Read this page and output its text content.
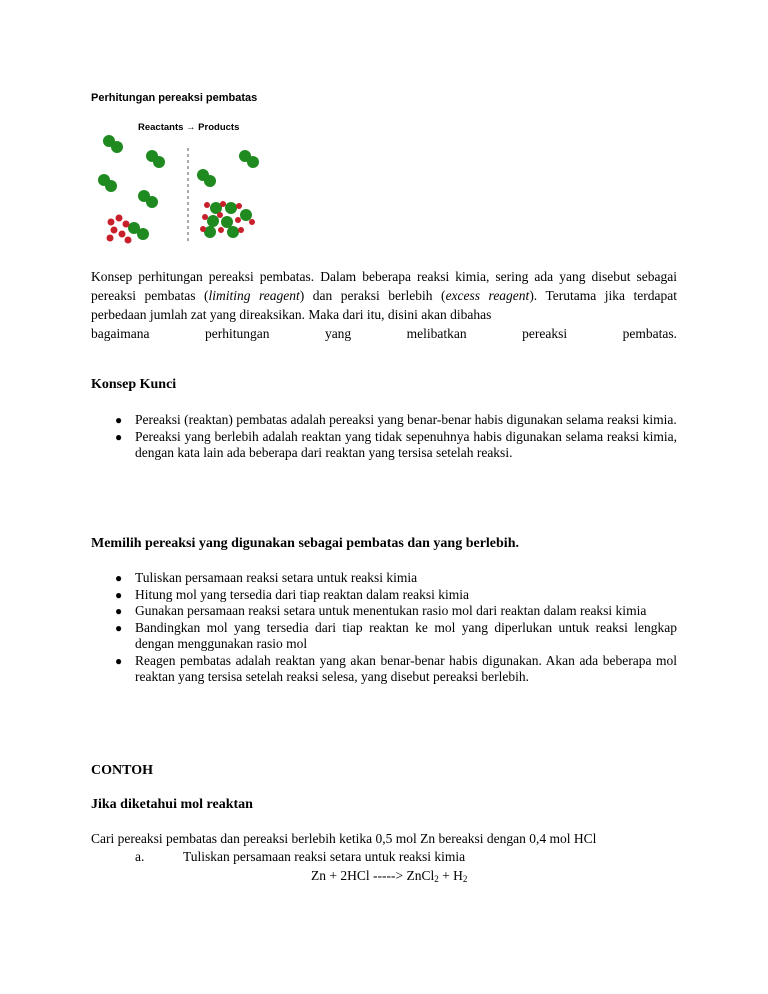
Perhitungan pereaksi pembatas
Reactants → Products
Konsep perhitungan pereaksi pembatas. Dalam beberapa reaksi kimia, sering ada yang disebut sebagai pereaksi pembatas (limiting reagent) dan peraksi berlebih (excess reagent). Terutama jika terdapat perbedaan jumlah zat yang direaksikan. Maka dari itu, disini akan dibahas
bagaimana perhitungan yang melibatkan pereaksi pembatas.
Konsep Kunci
● Pereaksi (reaktan) pembatas adalah pereaksi yang benar-benar habis digunakan selama reaksi kimia.
● Pereaksi yang berlebih adalah reaktan yang tidak sepenuhnya habis digunakan selama reaksi kimia, dengan kata lain ada beberapa dari reaktan yang tersisa setelah reaksi.
Memilih pereaksi yang digunakan sebagai pembatas dan yang berlebih.
● Tuliskan persamaan reaksi setara untuk reaksi kimia
● Hitung mol yang tersedia dari tiap reaktan dalam reaksi kimia
● Gunakan persamaan reaksi setara untuk menentukan rasio mol dari reaktan dalam reaksi kimia
● Bandingkan mol yang tersedia dari tiap reaktan ke mol yang diperlukan untuk reaksi lengkap dengan menggunakan rasio mol
● Reagen pembatas adalah reaktan yang akan benar-benar habis digunakan. Akan ada beberapa mol reaktan yang tersisa setelah reaksi selesa, yang disebut pereaksi berlebih.
CONTOH
Jika diketahui mol reaktan
Cari pereaksi pembatas dan pereaksi berlebih ketika 0,5 mol Zn bereaksi dengan 0,4 mol HCl
a.	Tuliskan persamaan reaksi setara untuk reaksi kimia
Zn + 2HCl -----> ZnCl$_2$ + $H_2$
